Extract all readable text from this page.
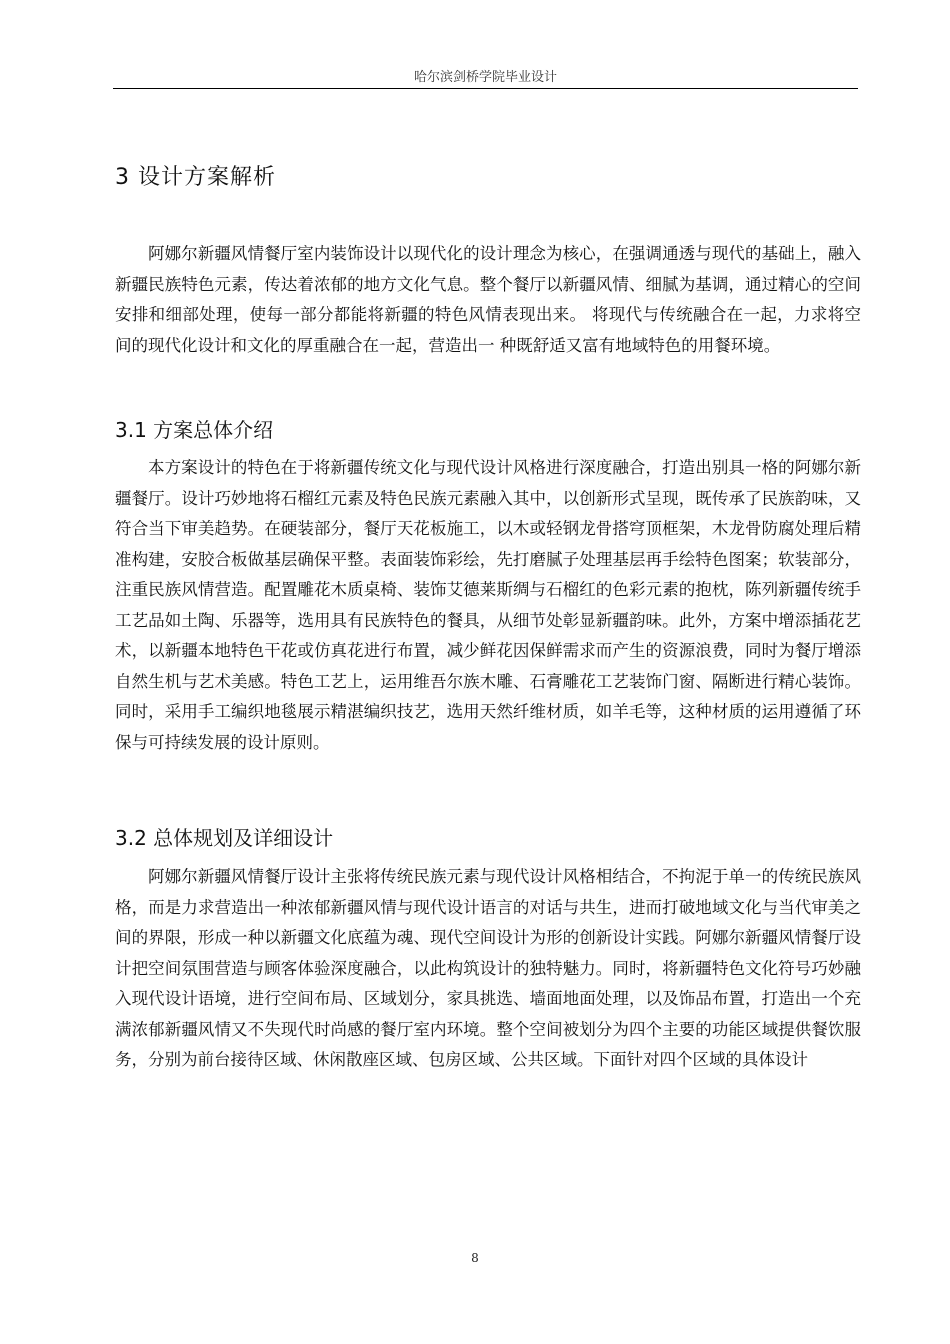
哈尔滨剑桥学院毕业设计
3 设计方案解析

阿娜尔新疆风情餐厅室内装饰设计以现代化的设计理念为核心，在强调通透与现代的基础上，融入新疆民族特色元素，传达着浓郁的地方文化气息。整个餐厅以新疆风情、细腻为基调，通过精心的空间安排和细部处理，使每一部分都能将新疆的特色风情表现出来。 将现代与传统融合在一起，力求将空间的现代化设计和文化的厚重融合在一起，营造出一 种既舒适又富有地域特色的用餐环境。

3.1 方案总体介绍

本方案设计的特色在于将新疆传统文化与现代设计风格进行深度融合，打造出别具一格的阿娜尔新疆餐厅。设计巧妙地将石榴红元素及特色民族元素融入其中，以创新形式呈现，既传承了民族韵味，又符合当下审美趋势。在硬装部分，餐厅天花板施工，以木或轻钢龙骨搭穹顶框架，木龙骨防腐处理后精准构建，安胶合板做基层确保平整。表面装饰彩绘，先打磨腻子处理基层再手绘特色图案；软装部分，注重民族风情营造。配置雕花木质桌椅、装饰艾德莱斯绸与石榴红的色彩元素的抱枕，陈列新疆传统手工艺品如土陶、乐器等，选用具有民族特色的餐具，从细节处彰显新疆韵味。此外，方案中增添插花艺术，以新疆本地特色干花或仿真花进行布置，减少鲜花因保鲜需求而产生的资源浪费，同时为餐厅增添自然生机与艺术美感。特色工艺上，运用维吾尔族木雕、石膏雕花工艺装饰门窗、隔断进行精心装饰。同时，采用手工编织地毯展示精湛编织技艺，选用天然纤维材质，如羊毛等，这种材质的运用遵循了环保与可持续发展的设计原则。

3.2 总体规划及详细设计

阿娜尔新疆风情餐厅设计主张将传统民族元素与现代设计风格相结合，不拘泥于单一的传统民族风格，而是力求营造出一种浓郁新疆风情与现代设计语言的对话与共生，进而打破地域文化与当代审美之间的界限，形成一种以新疆文化底蕴为魂、现代空间设计为形的创新设计实践。阿娜尔新疆风情餐厅设计把空间氛围营造与顾客体验深度融合，以此构筑设计的独特魅力。同时，将新疆特色文化符号巧妙融入现代设计语境，进行空间布局、区域划分，家具挑选、墙面地面处理，以及饰品布置，打造出一个充满浓郁新疆风情又不失现代时尚感的餐厅室内环境。整个空间被划分为四个主要的功能区域提供餐饮服务，分别为前台接待区域、休闲散座区域、包房区域、公共区域。下面针对四个区域的具体设计

8
